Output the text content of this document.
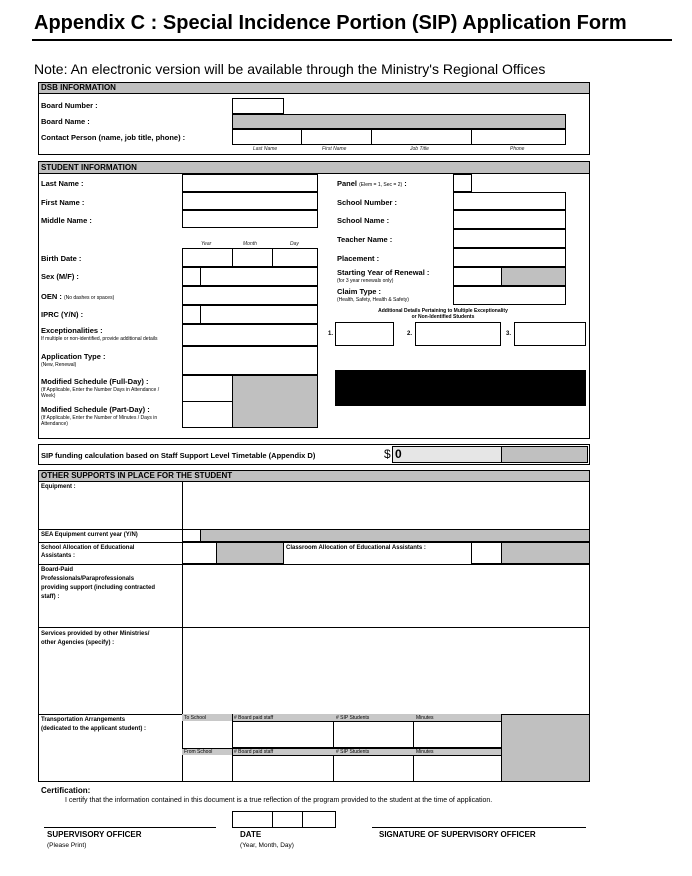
Appendix C : Special Incidence Portion (SIP) Application Form
Note: An electronic version will be available through the Ministry's Regional Offices
DSB INFORMATION
Board Number :
Board Name :
Contact Person (name, job title, phone) :
Last Name	First Name	Job Title	Phone
STUDENT INFORMATION
Last Name :
First Name :
Middle Name :
Year	Month	Day
Birth Date :
Sex (M/F) :
OEN : (No dashes or spaces)
IPRC (Y/N) :
Exceptionalities :
If multiple or non-identified, provide additional details
Application Type :
(New, Renewal)
Modified Schedule (Full-Day) :
(If Applicable, Enter the Number Days in Attendance /
Week)
Modified Schedule (Part-Day) :
(If Applicable, Enter the Number of Minutes / Days in
Attendance)
Panel (Elem = 1, Sec = 2) :
School Number :
School Name :
Teacher Name :
Placement :
Starting Year of Renewal :
(for 3 year renewals only)
Claim Type :
(Health, Safety, Health & Safety)
Additional Details Pertaining to Multiple Exceptionality
or Non-Identified Students
1.	2.	3.
SIP funding calculation based on Staff Support Level Timetable (Appendix D)	$ 0
OTHER SUPPORTS IN PLACE FOR THE STUDENT
Equipment :
SEA Equipment current year (Y/N)
School Allocation of Educational
Assistants :
Classroom Allocation of Educational Assistants :
Board-Paid
Professionals/Paraprofessionals
providing support (including contracted
staff) :
Services provided by other Ministries/
other Agencies (specify) :
Transportation Arrangements
(dedicated to the applicant student) :
To School	# Board paid staff	# SIP Students	Minutes
From School	# Board paid staff	# SIP Students	Minutes
Certification:
I certify that the information contained in this document is a true reflection of the program provided to the student at the time of application.
SUPERVISORY OFFICER
(Please Print)
DATE
(Year, Month, Day)
SIGNATURE OF SUPERVISORY OFFICER
